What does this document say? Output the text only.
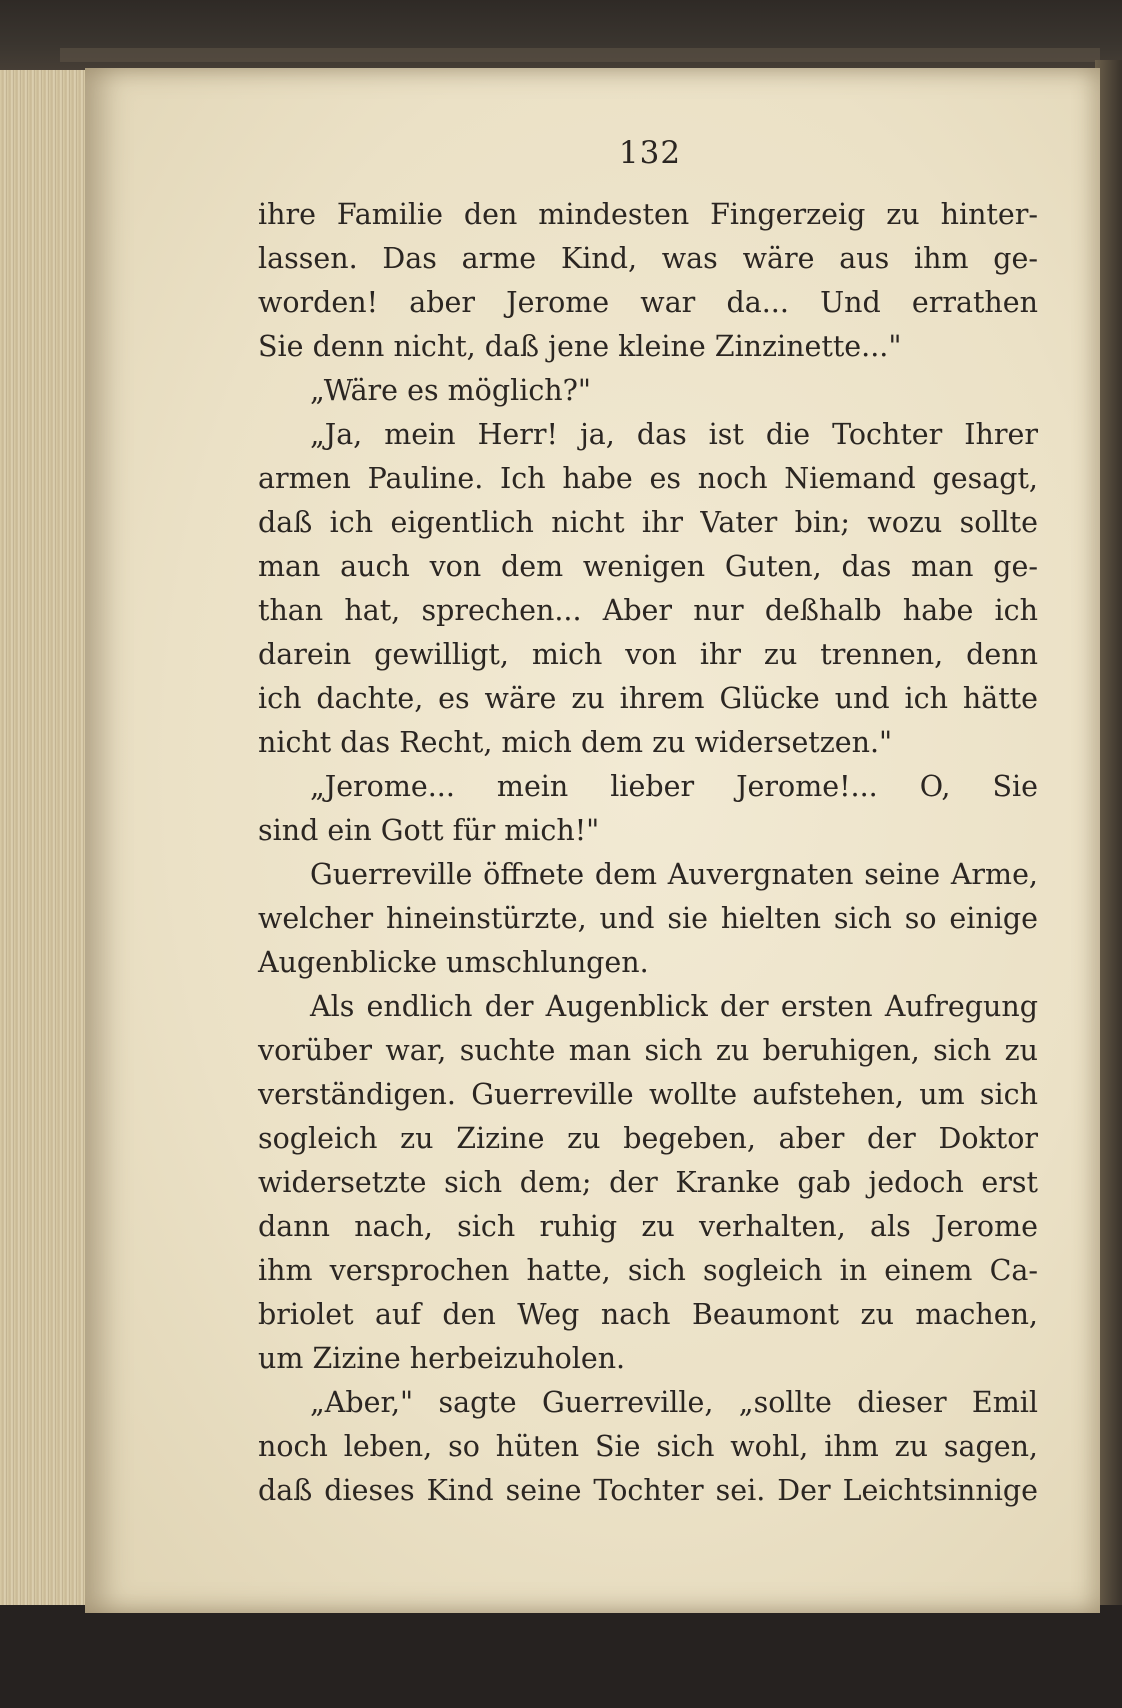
132
ihre Familie den mindesten Fingerzeig zu hinter-
lassen. Das arme Kind, was wäre aus ihm ge-
worden! aber Jerome war da... Und errathen
Sie denn nicht, daß jene kleine Zinzinette..."
„Wäre es möglich?"
„Ja, mein Herr! ja, das ist die Tochter Ihrer
armen Pauline. Ich habe es noch Niemand gesagt,
daß ich eigentlich nicht ihr Vater bin; wozu sollte
man auch von dem wenigen Guten, das man ge-
than hat, sprechen... Aber nur deßhalb habe ich
darein gewilligt, mich von ihr zu trennen, denn
ich dachte, es wäre zu ihrem Glücke und ich hätte
nicht das Recht, mich dem zu widersetzen."
„Jerome... mein lieber Jerome!... O, Sie
sind ein Gott für mich!"
Guerreville öffnete dem Auvergnaten seine Arme,
welcher hineinstürzte, und sie hielten sich so einige
Augenblicke umschlungen.
Als endlich der Augenblick der ersten Aufregung
vorüber war, suchte man sich zu beruhigen, sich zu
verständigen. Guerreville wollte aufstehen, um sich
sogleich zu Zizine zu begeben, aber der Doktor
widersetzte sich dem; der Kranke gab jedoch erst
dann nach, sich ruhig zu verhalten, als Jerome
ihm versprochen hatte, sich sogleich in einem Ca-
briolet auf den Weg nach Beaumont zu machen,
um Zizine herbeizuholen.
„Aber," sagte Guerreville, „sollte dieser Emil
noch leben, so hüten Sie sich wohl, ihm zu sagen,
daß dieses Kind seine Tochter sei. Der Leichtsinnige
